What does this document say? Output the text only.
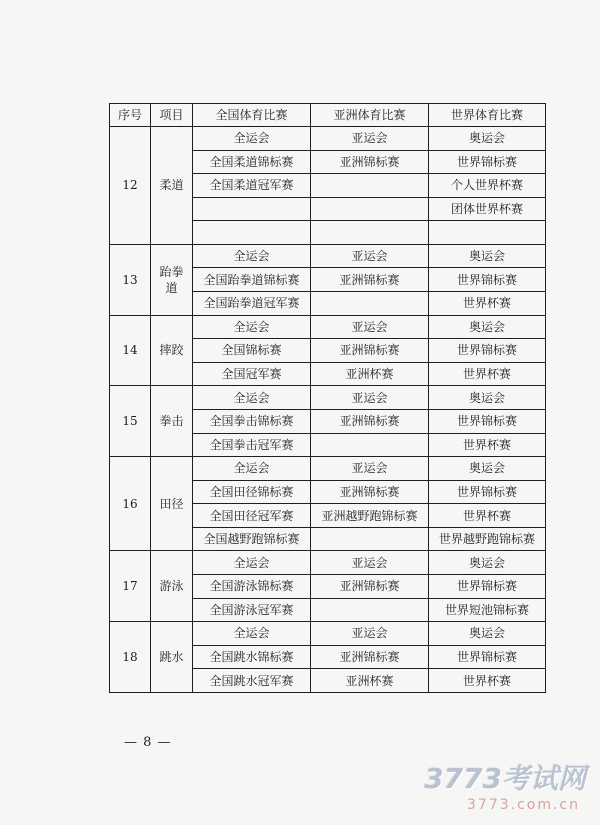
序号	项目	全国体育比赛	亚洲体育比赛	世界体育比赛
12	柔道	全运会	亚运会	奥运会
		全国柔道锦标赛	亚洲锦标赛	世界锦标赛
		全国柔道冠军赛		个人世界杯赛
				团体世界杯赛

13	跆拳道	全运会	亚运会	奥运会
		全国跆拳道锦标赛	亚洲锦标赛	世界锦标赛
		全国跆拳道冠军赛		世界杯赛
14	摔跤	全运会	亚运会	奥运会
		全国锦标赛	亚洲锦标赛	世界锦标赛
		全国冠军赛	亚洲杯赛	世界杯赛
15	拳击	全运会	亚运会	奥运会
		全国拳击锦标赛	亚洲锦标赛	世界锦标赛
		全国拳击冠军赛		世界杯赛
16	田径	全运会	亚运会	奥运会
		全国田径锦标赛	亚洲锦标赛	世界锦标赛
		全国田径冠军赛	亚洲越野跑锦标赛	世界杯赛
		全国越野跑锦标赛		世界越野跑锦标赛
17	游泳	全运会	亚运会	奥运会
		全国游泳锦标赛	亚洲锦标赛	世界锦标赛
		全国游泳冠军赛		世界短池锦标赛
18	跳水	全运会	亚运会	奥运会
		全国跳水锦标赛	亚洲锦标赛	世界锦标赛
		全国跳水冠军赛	亚洲杯赛	世界杯赛
— 8 —
3773考试网
3773.com.cn
